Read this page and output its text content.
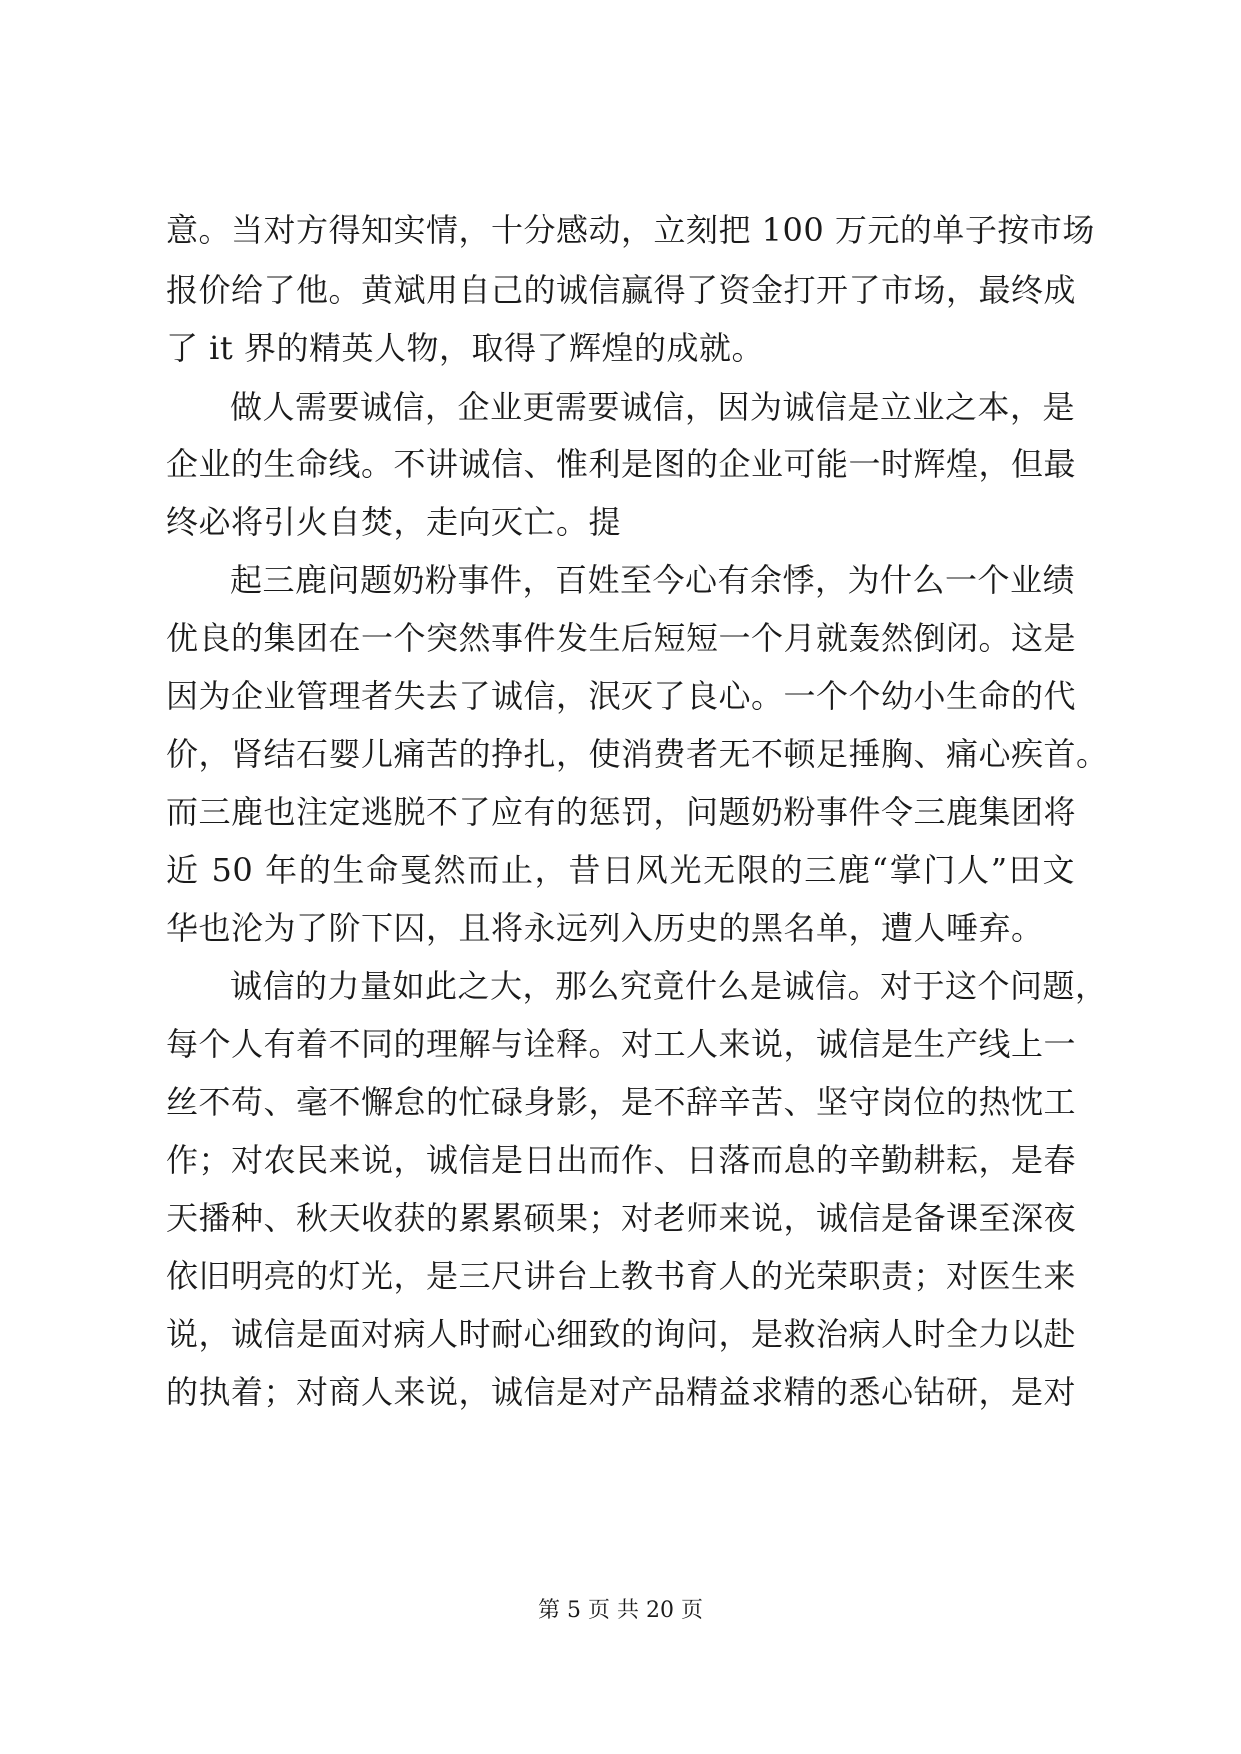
意。当对方得知实情，十分感动，立刻把 100 万元的单子按市场
报价给了他。黄斌用自己的诚信赢得了资金打开了市场，最终成
了 it 界的精英人物，取得了辉煌的成就。
做人需要诚信，企业更需要诚信，因为诚信是立业之本，是
企业的生命线。不讲诚信、惟利是图的企业可能一时辉煌，但最
终必将引火自焚，走向灭亡。提
起三鹿问题奶粉事件，百姓至今心有余悸，为什么一个业绩
优良的集团在一个突然事件发生后短短一个月就轰然倒闭。这是
因为企业管理者失去了诚信，泯灭了良心。一个个幼小生命的代
价，肾结石婴儿痛苦的挣扎，使消费者无不顿足捶胸、痛心疾首。
而三鹿也注定逃脱不了应有的惩罚，问题奶粉事件令三鹿集团将
近 50 年的生命戛然而止，昔日风光无限的三鹿“掌门人”田文
华也沦为了阶下囚，且将永远列入历史的黑名单，遭人唾弃。
诚信的力量如此之大，那么究竟什么是诚信。对于这个问题，
每个人有着不同的理解与诠释。对工人来说，诚信是生产线上一
丝不苟、毫不懈怠的忙碌身影，是不辞辛苦、坚守岗位的热忱工
作；对农民来说，诚信是日出而作、日落而息的辛勤耕耘，是春
天播种、秋天收获的累累硕果；对老师来说，诚信是备课至深夜
依旧明亮的灯光，是三尺讲台上教书育人的光荣职责；对医生来
说，诚信是面对病人时耐心细致的询问，是救治病人时全力以赴
的执着；对商人来说，诚信是对产品精益求精的悉心钻研，是对
第 5 页 共 20 页
